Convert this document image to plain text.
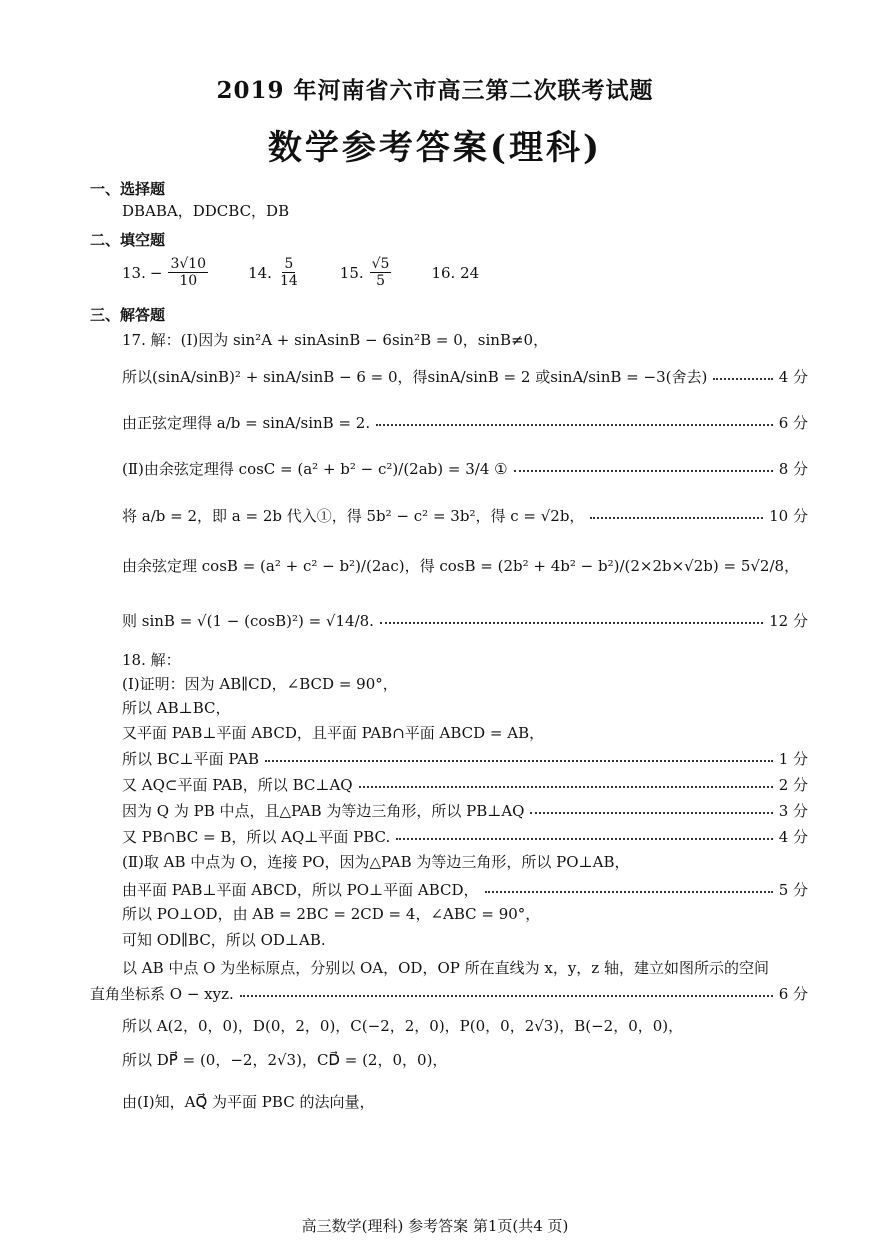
2019 年河南省六市高三第二次联考试题
数学参考答案(理科)
一、选择题
DBABA，DDCBC，DB
二、填空题
13. − $\frac{3√10}{10}$	14. $\frac{5}{14}$	15. $\frac{√5}{5}$	16. 24
三、解答题
17. 解：(Ⅰ)因为 sin²A + sinAsinB − 6sin²B = 0，sinB≠0，
所以(sinA/sinB)² + sinA/sinB − 6 = 0，得sinA/sinB = 2 或sinA/sinB = −3(舍去)	4 分
由正弦定理得 a/b = sinA/sinB = 2.	6 分
(Ⅱ)由余弦定理得 cosC = (a² + b² − c²)/(2ab) = 3/4 ①	8 分
将 a/b = 2，即 a = 2b 代入①，得 5b² − c² = 3b²，得 c = √2b，	10 分
由余弦定理 cosB = (a² + c² − b²)/(2ac)，得 cosB = (2b² + 4b² − b²)/(2×2b×√2b) = 5√2/8，
则 sinB = √(1 − (cosB)²) = √14/8.	12 分
18. 解：
(Ⅰ)证明：因为 AB∥CD，∠BCD = 90°，
所以 AB⊥BC，
又平面 PAB⊥平面 ABCD，且平面 PAB∩平面 ABCD = AB，
所以 BC⊥平面 PAB	1 分
又 AQ⊂平面 PAB，所以 BC⊥AQ	2 分
因为 Q 为 PB 中点，且△PAB 为等边三角形，所以 PB⊥AQ	3 分
又 PB∩BC = B，所以 AQ⊥平面 PBC.	4 分
(Ⅱ)取 AB 中点为 O，连接 PO，因为△PAB 为等边三角形，所以 PO⊥AB，
由平面 PAB⊥平面 ABCD，所以 PO⊥平面 ABCD，	5 分
所以 PO⊥OD，由 AB = 2BC = 2CD = 4，∠ABC = 90°，
可知 OD∥BC，所以 OD⊥AB.
以 AB 中点 O 为坐标原点，分别以 OA，OD，OP 所在直线为 x，y，z 轴，建立如图所示的空间
直角坐标系 O − xyz.	6 分
所以 A(2，0，0)，D(0，2，0)，C(−2，2，0)，P(0，0，2√3)，B(−2，0，0)，
所以 DP⃗ = (0，−2，2√3)，CD⃗ = (2，0，0)，
由(Ⅰ)知，AQ⃗ 为平面 PBC 的法向量，
高三数学(理科) 参考答案 第1页(共4 页)
